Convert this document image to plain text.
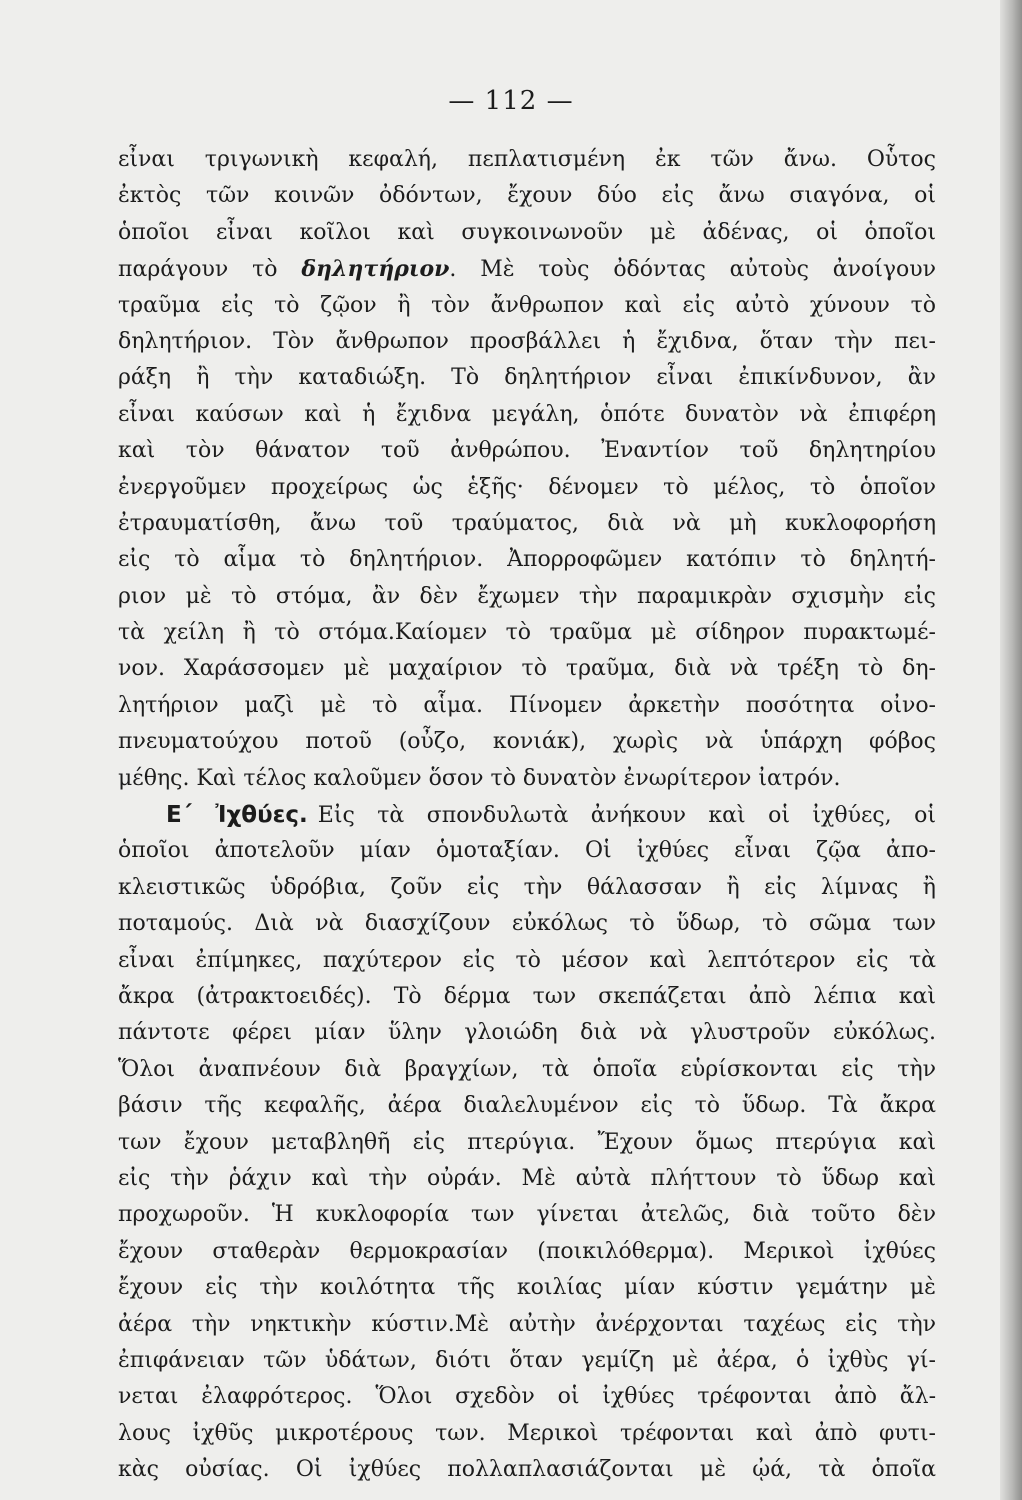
— 112 —
εἶναι τριγωνικὴ κεφαλή, πεπλατισμένη ἐκ τῶν ἄνω. Οὗτος
ἐκτὸς τῶν κοινῶν ὀδόντων, ἔχουν δύο εἰς ἄνω σιαγόνα, οἱ
ὁποῖοι εἶναι κοῖλοι καὶ συγκοινωνοῦν μὲ ἀδένας, οἱ ὁποῖοι
παράγουν τὸ δηλητήριον. Μὲ τοὺς ὀδόντας αὐτοὺς ἀνοίγουν
τραῦμα εἰς τὸ ζῷον ἢ τὸν ἄνθρωπον καὶ εἰς αὐτὸ χύνουν τὸ
δηλητήριον. Τὸν ἄνθρωπον προσβάλλει ἡ ἔχιδνα, ὅταν τὴν πει-
ράξη ἢ τὴν καταδιώξη. Τὸ δηλητήριον εἶναι ἐπικίνδυνον, ἂν
εἶναι καύσων καὶ ἡ ἔχιδνα μεγάλη, ὁπότε δυνατὸν νὰ ἐπιφέρη
καὶ τὸν θάνατον τοῦ ἀνθρώπου. Ἐναντίον τοῦ δηλητηρίου
ἐνεργοῦμεν προχείρως ὡς ἑξῆς· δένομεν τὸ μέλος, τὸ ὁποῖον
ἐτραυματίσθη, ἄνω τοῦ τραύματος, διὰ νὰ μὴ κυκλοφορήση
εἰς τὸ αἷμα τὸ δηλητήριον. Ἀπορροφῶμεν κατόπιν τὸ δηλητή-
ριον μὲ τὸ στόμα, ἂν δὲν ἔχωμεν τὴν παραμικρὰν σχισμὴν εἰς
τὰ χείλη ἢ τὸ στόμα.Καίομεν τὸ τραῦμα μὲ σίδηρον πυρακτωμέ-
νον. Χαράσσομεν μὲ μαχαίριον τὸ τραῦμα, διὰ νὰ τρέξη τὸ δη-
λητήριον μαζὶ μὲ τὸ αἷμα. Πίνομεν ἀρκετὴν ποσότητα οἰνο-
πνευματούχου ποτοῦ (οὖζο, κονιάκ), χωρὶς νὰ ὑπάρχη φόβος
μέθης. Καὶ τέλος καλοῦμεν ὅσον τὸ δυνατὸν ἐνωρίτερον ἰατρόν.
Ε΄ Ἰχθύες. Εἰς τὰ σπονδυλωτὰ ἀνήκουν καὶ οἱ ἰχθύες, οἱ
ὁποῖοι ἀποτελοῦν μίαν ὁμοταξίαν. Οἱ ἰχθύες εἶναι ζῷα ἀπο-
κλειστικῶς ὑδρόβια, ζοῦν εἰς τὴν θάλασσαν ἢ εἰς λίμνας ἢ
ποταμούς. Διὰ νὰ διασχίζουν εὐκόλως τὸ ὕδωρ, τὸ σῶμα των
εἶναι ἐπίμηκες, παχύτερον εἰς τὸ μέσον καὶ λεπτότερον εἰς τὰ
ἄκρα (ἀτρακτοειδές). Τὸ δέρμα των σκεπάζεται ἀπὸ λέπια καὶ
πάντοτε φέρει μίαν ὕλην γλοιώδη διὰ νὰ γλυστροῦν εὐκόλως.
Ὅλοι ἀναπνέουν διὰ βραγχίων, τὰ ὁποῖα εὑρίσκονται εἰς τὴν
βάσιν τῆς κεφαλῆς, ἀέρα διαλελυμένον εἰς τὸ ὕδωρ. Τὰ ἄκρα
των ἔχουν μεταβληθῆ εἰς πτερύγια. Ἔχουν ὅμως πτερύγια καὶ
εἰς τὴν ῥάχιν καὶ τὴν οὐράν. Μὲ αὐτὰ πλήττουν τὸ ὕδωρ καὶ
προχωροῦν. Ἡ κυκλοφορία των γίνεται ἀτελῶς, διὰ τοῦτο δὲν
ἔχουν σταθερὰν θερμοκρασίαν (ποικιλόθερμα). Μερικοὶ ἰχθύες
ἔχουν εἰς τὴν κοιλότητα τῆς κοιλίας μίαν κύστιν γεμάτην μὲ
ἀέρα τὴν νηκτικὴν κύστιν.Μὲ αὐτὴν ἀνέρχονται ταχέως εἰς τὴν
ἐπιφάνειαν τῶν ὑδάτων, διότι ὅταν γεμίζη μὲ ἀέρα, ὁ ἰχθὺς γί-
νεται ἐλαφρότερος. Ὅλοι σχεδὸν οἱ ἰχθύες τρέφονται ἀπὸ ἄλ-
λους ἰχθῦς μικροτέρους των. Μερικοὶ τρέφονται καὶ ἀπὸ φυτι-
κὰς οὐσίας. Οἱ ἰχθύες πολλαπλασιάζονται μὲ ᾠά, τὰ ὁποῖα
